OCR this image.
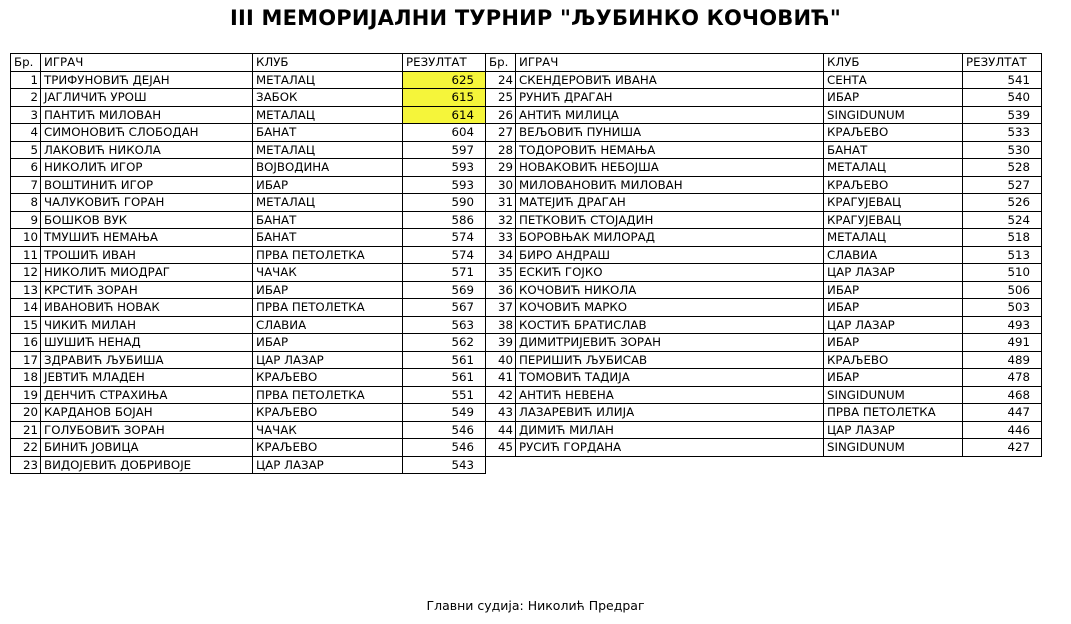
III МЕМОРИЈАЛНИ ТУРНИР "ЉУБИНКО КОЧОВИЋ"
Бр.	ИГРАЧ	КЛУБ	РЕЗУЛТАТ	Бр.	ИГРАЧ	КЛУБ	РЕЗУЛТАТ
1	ТРИФУНОВИЋ ДЕЈАН	МЕТАЛАЦ	625	24	СКЕНДЕРОВИЋ ИВАНА	СЕНТА	541
2	ЈАГЛИЧИЋ УРОШ	ЗАБОК	615	25	РУНИЋ ДРАГАН	ИБАР	540
3	ПАНТИЋ МИЛОВАН	МЕТАЛАЦ	614	26	АНТИЋ МИЛИЦА	SINGIDUNUM	539
4	СИМОНОВИЋ СЛОБОДАН	БАНАТ	604	27	ВЕЉОВИЋ ПУНИША	КРАЉЕВО	533
5	ЛАКОВИЋ НИКОЛА	МЕТАЛАЦ	597	28	ТОДОРОВИЋ НЕМАЊА	БАНАТ	530
6	НИКОЛИЋ ИГОР	ВОЈВОДИНА	593	29	НОВАКОВИЋ НЕБОЈША	МЕТАЛАЦ	528
7	ВОШТИНИЋ ИГОР	ИБАР	593	30	МИЛОВАНОВИЋ МИЛОВАН	КРАЉЕВО	527
8	ЧАЛУКОВИЋ ГОРАН	МЕТАЛАЦ	590	31	МАТЕЈИЋ ДРАГАН	КРАГУЈЕВАЦ	526
9	БОШКОВ ВУК	БАНАТ	586	32	ПЕТКОВИЋ СТОЈАДИН	КРАГУЈЕВАЦ	524
10	ТМУШИЋ НЕМАЊА	БАНАТ	574	33	БОРОВЊАК МИЛОРАД	МЕТАЛАЦ	518
11	ТРОШИЋ ИВАН	ПРВА ПЕТОЛЕТКА	574	34	БИРО АНДРАШ	СЛАВИА	513
12	НИКОЛИЋ МИОДРАГ	ЧАЧАК	571	35	ЕСКИЋ ГОЈКО	ЦАР ЛАЗАР	510
13	КРСТИЋ ЗОРАН	ИБАР	569	36	КОЧОВИЋ НИКОЛА	ИБАР	506
14	ИВАНОВИЋ НОВАК	ПРВА ПЕТОЛЕТКА	567	37	КОЧОВИЋ МАРКО	ИБАР	503
15	ЧИКИЋ МИЛАН	СЛАВИА	563	38	КОСТИЋ БРАТИСЛАВ	ЦАР ЛАЗАР	493
16	ШУШИЋ НЕНАД	ИБАР	562	39	ДИМИТРИЈЕВИЋ ЗОРАН	ИБАР	491
17	ЗДРАВИЋ ЉУБИША	ЦАР ЛАЗАР	561	40	ПЕРИШИЋ ЉУБИСАВ	КРАЉЕВО	489
18	ЈЕВТИЋ МЛАДЕН	КРАЉЕВО	561	41	ТОМОВИЋ ТАДИЈА	ИБАР	478
19	ДЕНЧИЋ СТРАХИЊА	ПРВА ПЕТОЛЕТКА	551	42	АНТИЋ НЕВЕНА	SINGIDUNUM	468
20	КАРДАНОВ БОЈАН	КРАЉЕВО	549	43	ЛАЗАРЕВИЋ ИЛИЈА	ПРВА ПЕТОЛЕТКА	447
21	ГОЛУБОВИЋ ЗОРАН	ЧАЧАК	546	44	ДИМИЋ МИЛАН	ЦАР ЛАЗАР	446
22	БИНИЋ ЈОВИЦА	КРАЉЕВО	546	45	РУСИЋ ГОРДАНА	SINGIDUNUM	427
23	ВИДОЈЕВИЋ ДОБРИВОЈЕ	ЦАР ЛАЗАР	543				
Главни судија: Николић Предраг
